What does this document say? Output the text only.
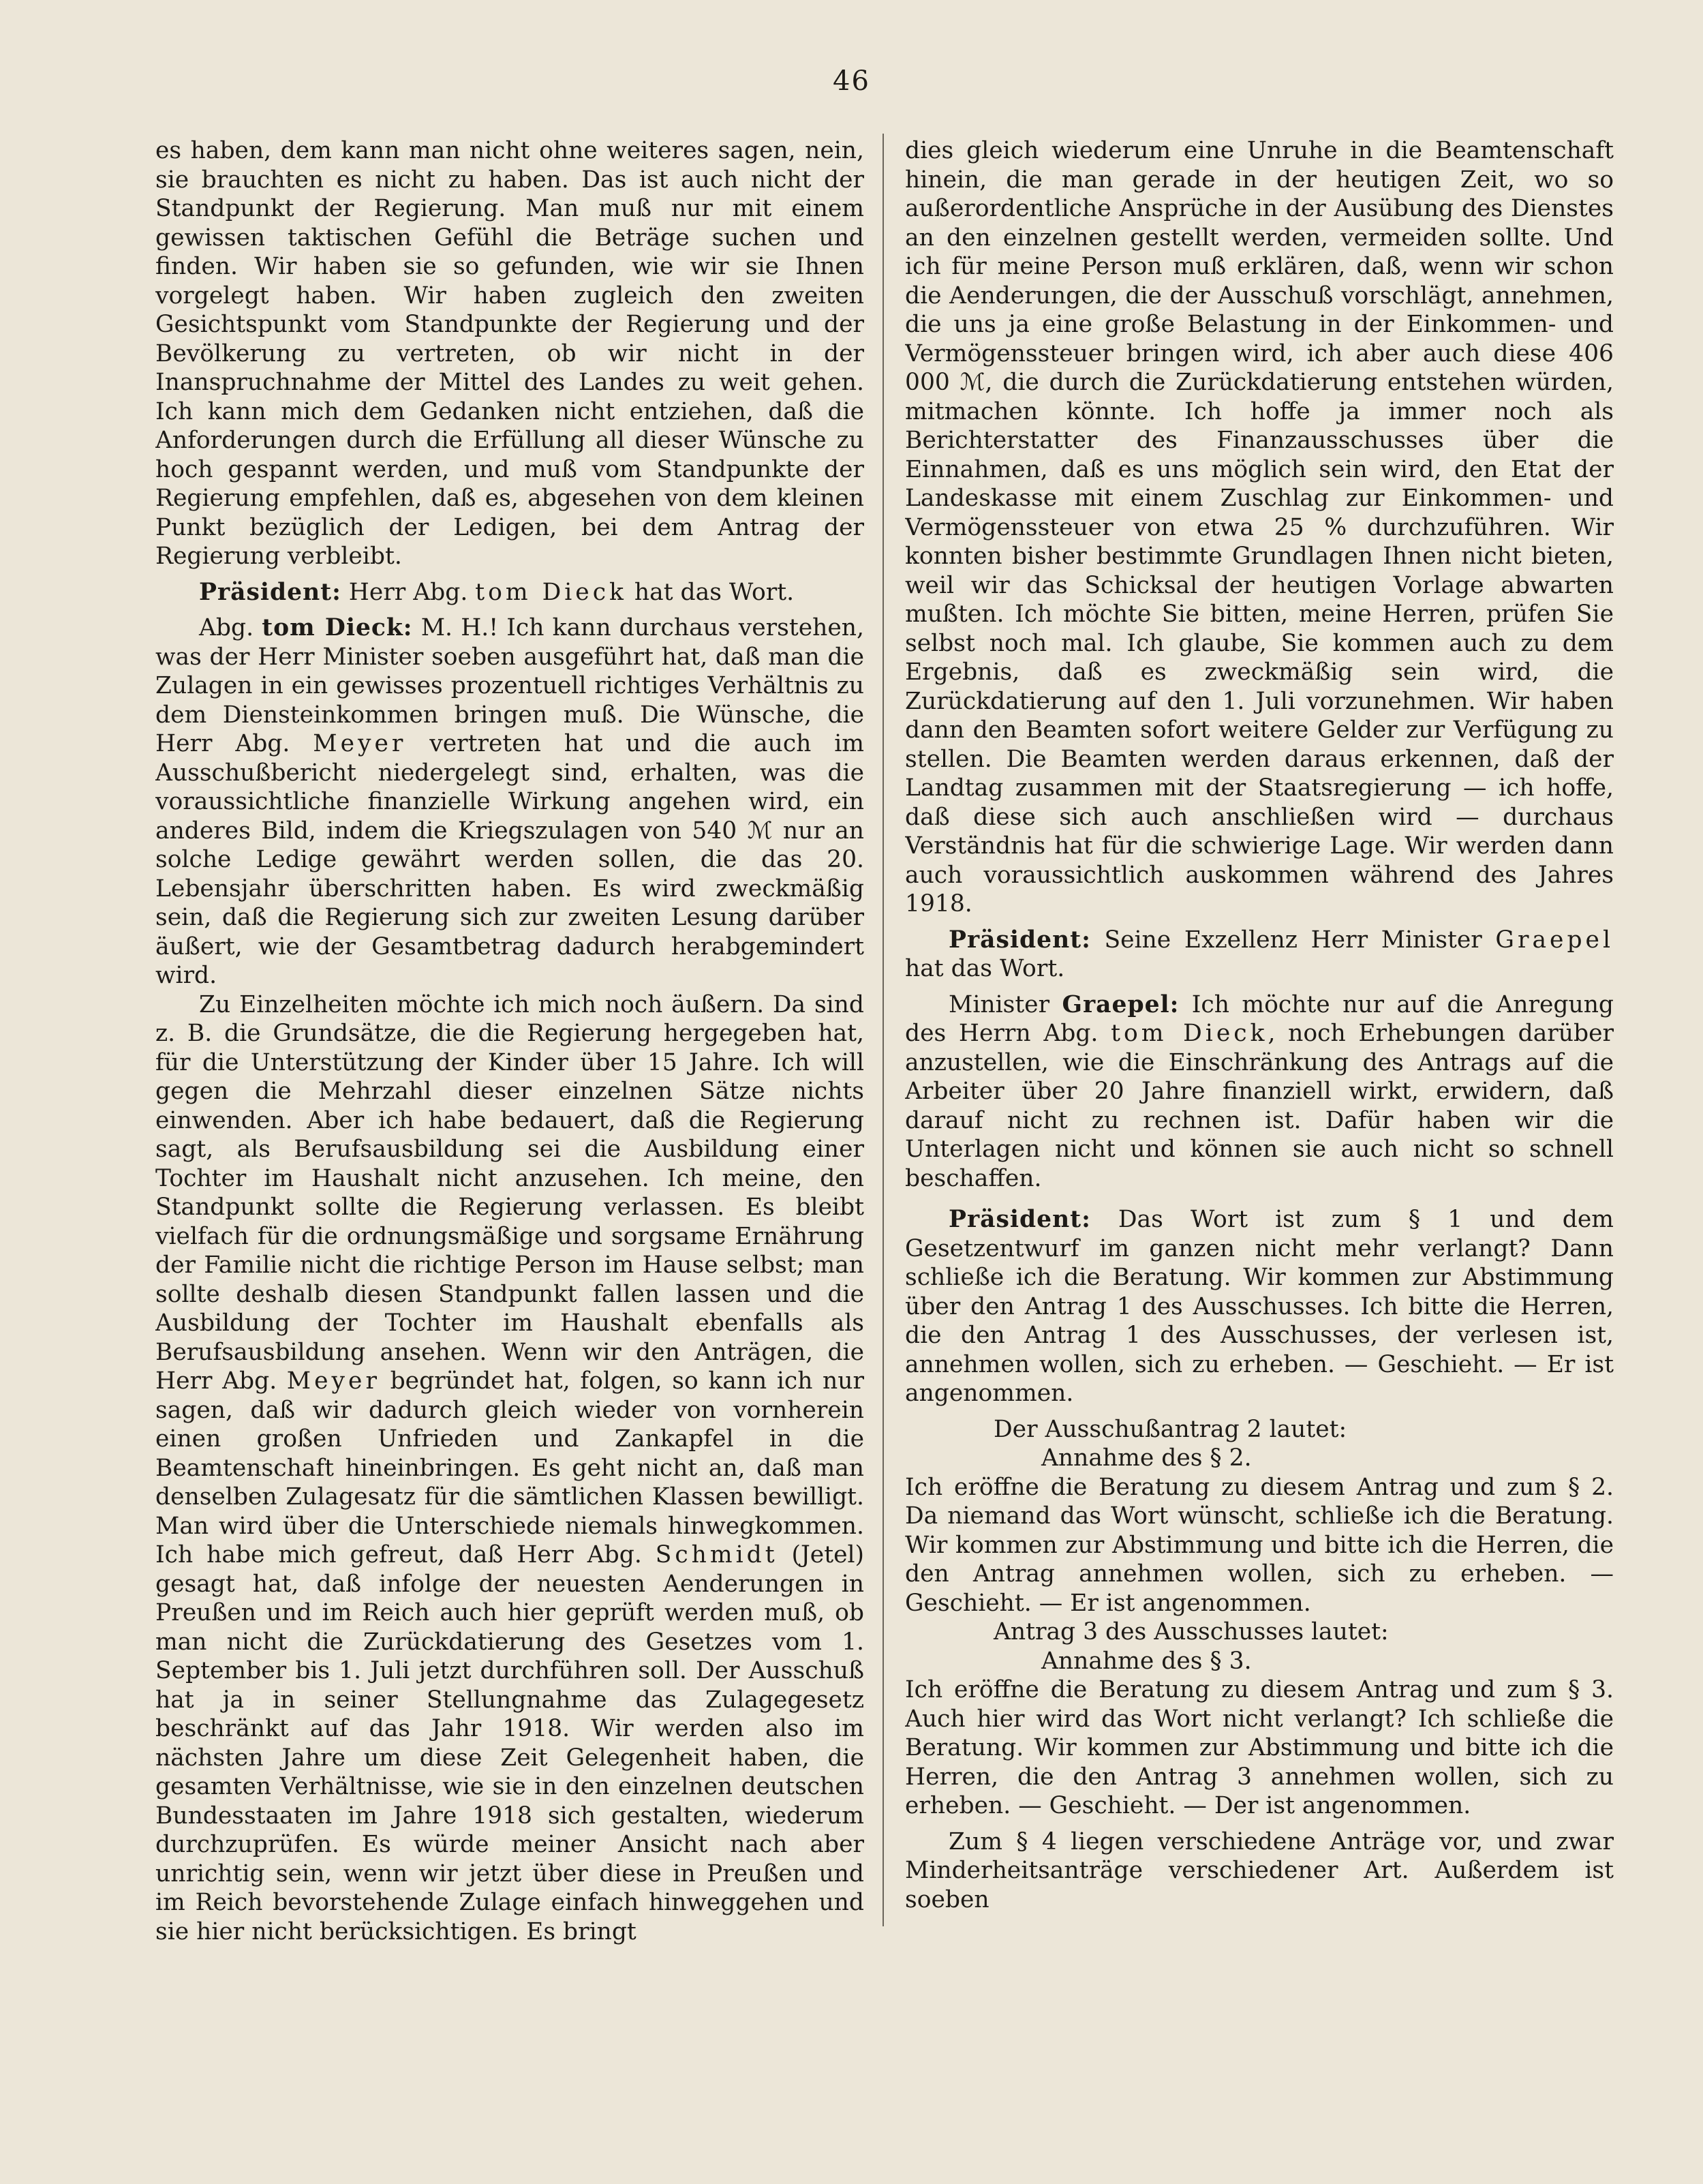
46

es haben, dem kann man nicht ohne weiteres sagen, nein, sie brauchten es nicht zu haben. Das ist auch nicht der Standpunkt der Regierung. Man muß nur mit einem gewissen taktischen Gefühl die Beträge suchen und finden. Wir haben sie so gefunden, wie wir sie Ihnen vorgelegt haben. Wir haben zugleich den zweiten Gesichtspunkt vom Standpunkte der Regierung und der Bevölkerung zu vertreten, ob wir nicht in der Inanspruchnahme der Mittel des Landes zu weit gehen. Ich kann mich dem Gedanken nicht entziehen, daß die Anforderungen durch die Erfüllung all dieser Wünsche zu hoch gespannt werden, und muß vom Standpunkte der Regierung empfehlen, daß es, abgesehen von dem kleinen Punkt bezüglich der Ledigen, bei dem Antrag der Regierung verbleibt.

Präsident: Herr Abg. tom Dieck hat das Wort.

Abg. tom Dieck: M. H.! Ich kann durchaus verstehen, was der Herr Minister soeben ausgeführt hat, daß man die Zulagen in ein gewisses prozentuell richtiges Verhältnis zu dem Diensteinkommen bringen muß. Die Wünsche, die Herr Abg. Meyer vertreten hat und die auch im Ausschußbericht niedergelegt sind, erhalten, was die voraussichtliche finanzielle Wirkung angehen wird, ein anderes Bild, indem die Kriegszulagen von 540 ℳ nur an solche Ledige gewährt werden sollen, die das 20. Lebensjahr überschritten haben. Es wird zweckmäßig sein, daß die Regierung sich zur zweiten Lesung darüber äußert, wie der Gesamtbetrag dadurch herabgemindert wird.

Zu Einzelheiten möchte ich mich noch äußern. Da sind z. B. die Grundsätze, die die Regierung hergegeben hat, für die Unterstützung der Kinder über 15 Jahre. Ich will gegen die Mehrzahl dieser einzelnen Sätze nichts einwenden. Aber ich habe bedauert, daß die Regierung sagt, als Berufsausbildung sei die Ausbildung einer Tochter im Haushalt nicht anzusehen. Ich meine, den Standpunkt sollte die Regierung verlassen. Es bleibt vielfach für die ordnungsmäßige und sorgsame Ernährung der Familie nicht die richtige Person im Hause selbst; man sollte deshalb diesen Standpunkt fallen lassen und die Ausbildung der Tochter im Haushalt ebenfalls als Berufsausbildung ansehen. Wenn wir den Anträgen, die Herr Abg. Meyer begründet hat, folgen, so kann ich nur sagen, daß wir dadurch gleich wieder von vornherein einen großen Unfrieden und Zankapfel in die Beamtenschaft hineinbringen. Es geht nicht an, daß man denselben Zulagesatz für die sämtlichen Klassen bewilligt. Man wird über die Unterschiede niemals hinwegkommen. Ich habe mich gefreut, daß Herr Abg. Schmidt (Jetel) gesagt hat, daß infolge der neuesten Aenderungen in Preußen und im Reich auch hier geprüft werden muß, ob man nicht die Zurückdatierung des Gesetzes vom 1. September bis 1. Juli jetzt durchführen soll. Der Ausschuß hat ja in seiner Stellungnahme das Zulagegesetz beschränkt auf das Jahr 1918. Wir werden also im nächsten Jahre um diese Zeit Gelegenheit haben, die gesamten Verhältnisse, wie sie in den einzelnen deutschen Bundesstaaten im Jahre 1918 sich gestalten, wiederum durchzuprüfen. Es würde meiner Ansicht nach aber unrichtig sein, wenn wir jetzt über diese in Preußen und im Reich bevorstehende Zulage einfach hinweggehen und sie hier nicht berücksichtigen. Es bringt

dies gleich wiederum eine Unruhe in die Beamtenschaft hinein, die man gerade in der heutigen Zeit, wo so außerordentliche Ansprüche in der Ausübung des Dienstes an den einzelnen gestellt werden, vermeiden sollte. Und ich für meine Person muß erklären, daß, wenn wir schon die Aenderungen, die der Ausschuß vorschlägt, annehmen, die uns ja eine große Belastung in der Einkommen- und Vermögenssteuer bringen wird, ich aber auch diese 406 000 ℳ, die durch die Zurückdatierung entstehen würden, mitmachen könnte. Ich hoffe ja immer noch als Berichterstatter des Finanzausschusses über die Einnahmen, daß es uns möglich sein wird, den Etat der Landeskasse mit einem Zuschlag zur Einkommen- und Vermögenssteuer von etwa 25 % durchzuführen. Wir konnten bisher bestimmte Grundlagen Ihnen nicht bieten, weil wir das Schicksal der heutigen Vorlage abwarten mußten. Ich möchte Sie bitten, meine Herren, prüfen Sie selbst noch mal. Ich glaube, Sie kommen auch zu dem Ergebnis, daß es zweckmäßig sein wird, die Zurückdatierung auf den 1. Juli vorzunehmen. Wir haben dann den Beamten sofort weitere Gelder zur Verfügung zu stellen. Die Beamten werden daraus erkennen, daß der Landtag zusammen mit der Staatsregierung — ich hoffe, daß diese sich auch anschließen wird — durchaus Verständnis hat für die schwierige Lage. Wir werden dann auch voraussichtlich auskommen während des Jahres 1918.

Präsident: Seine Exzellenz Herr Minister Graepel hat das Wort.

Minister Graepel: Ich möchte nur auf die Anregung des Herrn Abg. tom Dieck, noch Erhebungen darüber anzustellen, wie die Einschränkung des Antrags auf die Arbeiter über 20 Jahre finanziell wirkt, erwidern, daß darauf nicht zu rechnen ist. Dafür haben wir die Unterlagen nicht und können sie auch nicht so schnell beschaffen.

Präsident: Das Wort ist zum § 1 und dem Gesetzentwurf im ganzen nicht mehr verlangt? Dann schließe ich die Beratung. Wir kommen zur Abstimmung über den Antrag 1 des Ausschusses. Ich bitte die Herren, die den Antrag 1 des Ausschusses, der verlesen ist, annehmen wollen, sich zu erheben. — Geschieht. — Er ist angenommen.

Der Ausschußantrag 2 lautet:

Annahme des § 2.

Ich eröffne die Beratung zu diesem Antrag und zum § 2. Da niemand das Wort wünscht, schließe ich die Beratung. Wir kommen zur Abstimmung und bitte ich die Herren, die den Antrag annehmen wollen, sich zu erheben. — Geschieht. — Er ist angenommen.

Antrag 3 des Ausschusses lautet:

Annahme des § 3.

Ich eröffne die Beratung zu diesem Antrag und zum § 3. Auch hier wird das Wort nicht verlangt? Ich schließe die Beratung. Wir kommen zur Abstimmung und bitte ich die Herren, die den Antrag 3 annehmen wollen, sich zu erheben. — Geschieht. — Der ist angenommen.

Zum § 4 liegen verschiedene Anträge vor, und zwar Minderheitsanträge verschiedener Art. Außerdem ist soeben
